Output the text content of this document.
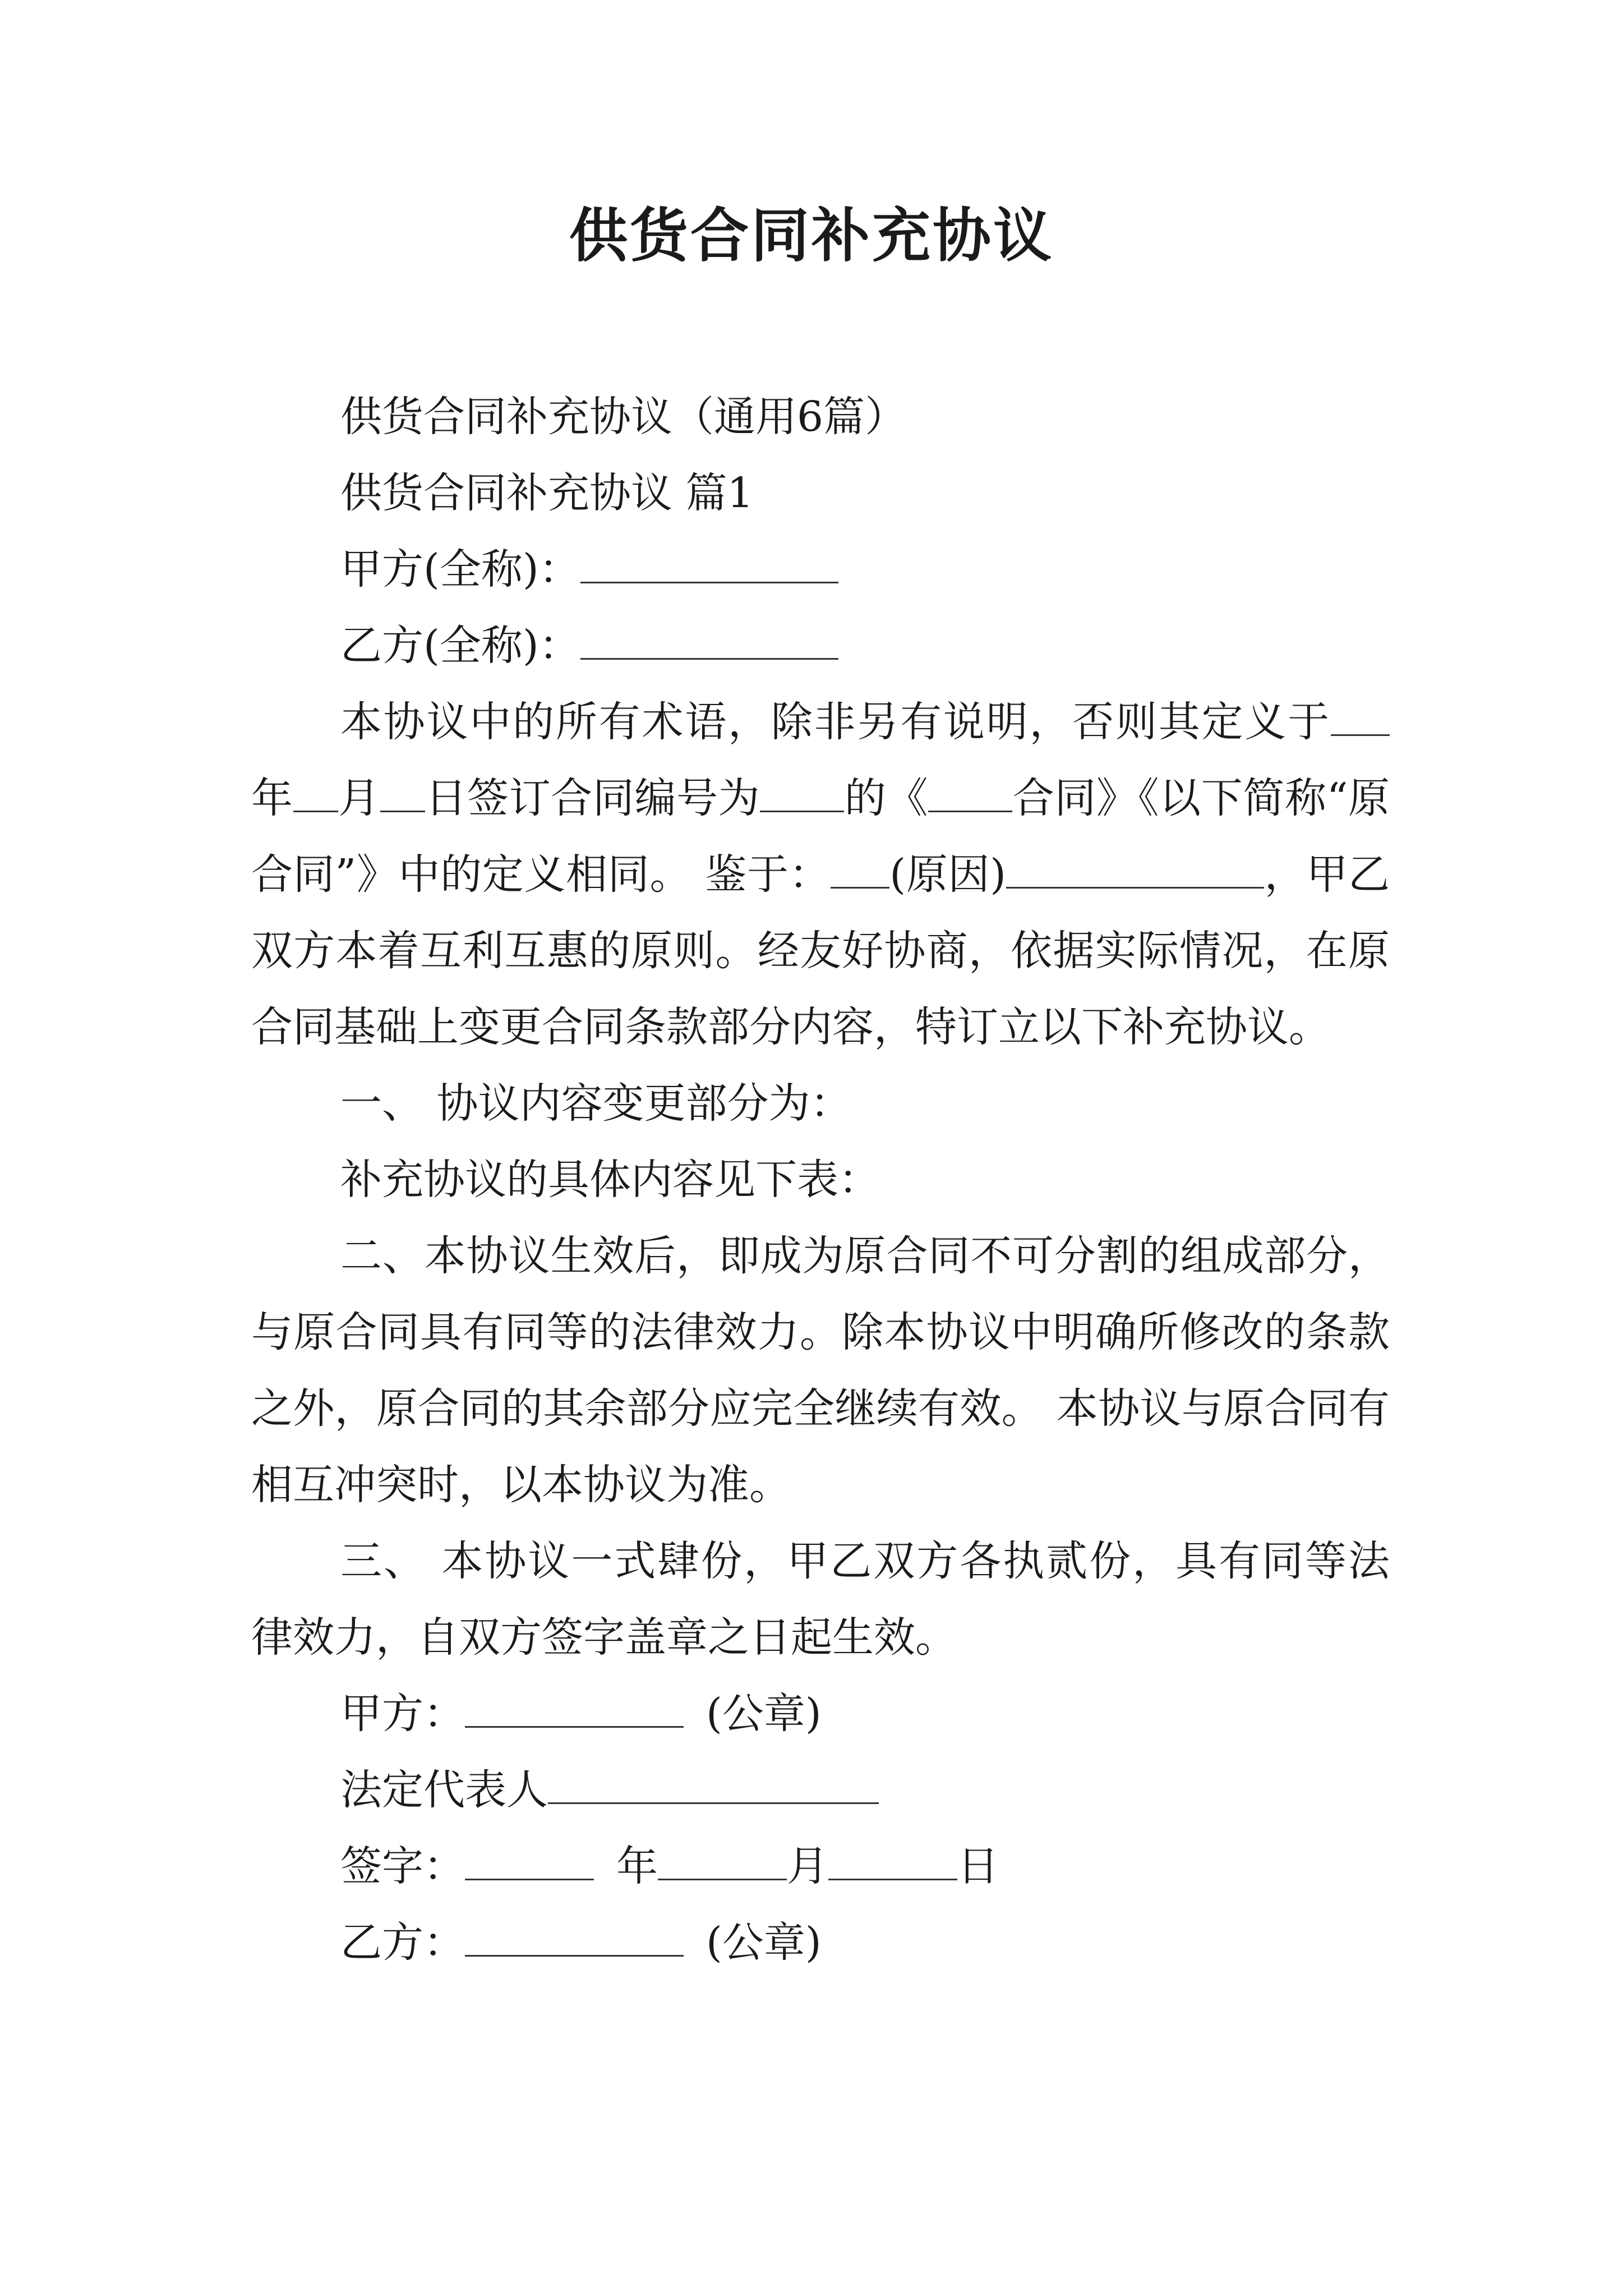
供货合同补充协议

供货合同补充协议（通用6篇）

供货合同补充协议 篇1

甲方(全称)：

乙方(全称)：

本协议中的所有术语，除非另有说明，否则其定义于年 月 日签订合同编号为 的《 合同》《以下简称“原合同”》中的定义相同。 鉴于： (原因)	，甲乙双方本着互利互惠的原则。经友好协商，依据实际情况，在原合同基础上变更合同条款部分内容，特订立以下补充协议。

一、 协议内容变更部分为：

补充协议的具体内容见下表：

二、本协议生效后，即成为原合同不可分割的组成部分，与原合同具有同等的法律效力。除本协议中明确所修改的条款之外，原合同的其余部分应完全继续有效。 本协议与原合同有相互冲突时，以本协议为准。

三、 本协议一式肆份，甲乙双方各执贰份，具有同等法律效力，自双方签字盖章之日起生效。

甲方：	(公章)

法定代表人

签字：	年	月	日

乙方：	(公章)
